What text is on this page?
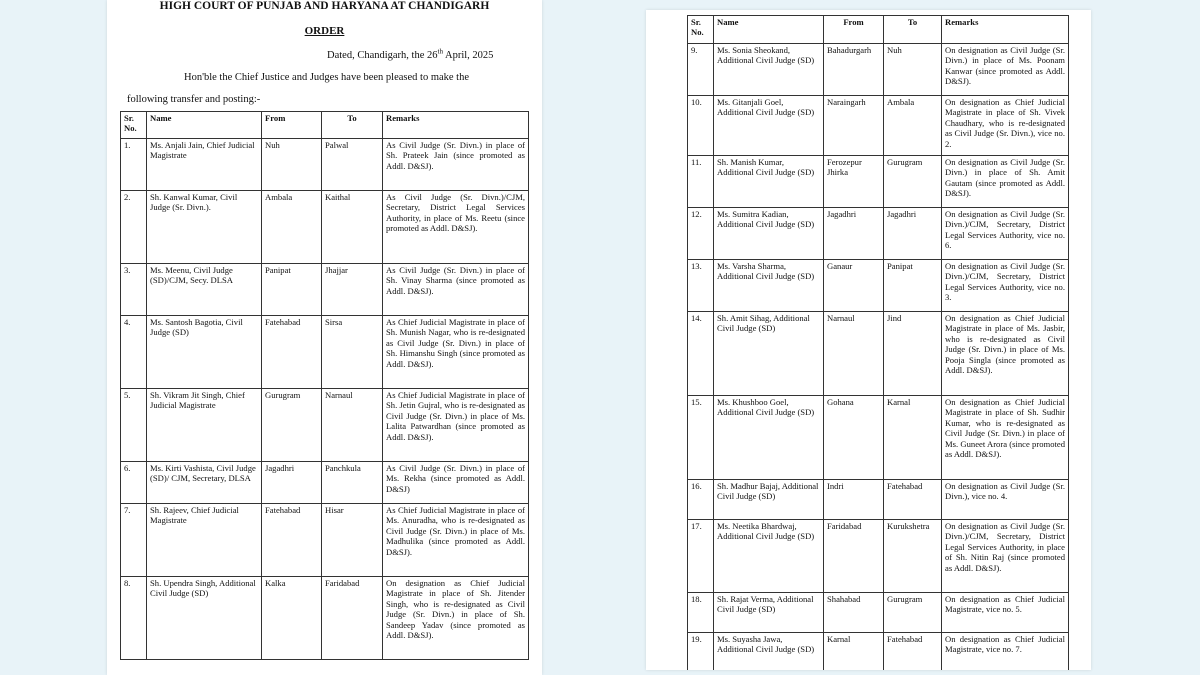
HIGH COURT OF PUNJAB AND HARYANA AT CHANDIGARH
ORDER
Dated, Chandigarh, the 26th April, 2025
Hon'ble the Chief Justice and Judges have been pleased to make the
following transfer and posting:-
Sr.
No.	Name	From	To	Remarks
1.	Ms. Anjali Jain, Chief Judicial Magistrate	Nuh	Palwal	As Civil Judge (Sr. Divn.) in place of Sh. Prateek Jain (since promoted as Addl. D&SJ).
2.	Sh. Kanwal Kumar, Civil Judge (Sr. Divn.).	Ambala	Kaithal	As Civil Judge (Sr. Divn.)/CJM, Secretary, District Legal Services Authority, in place of Ms. Reetu (since promoted as Addl. D&SJ).
3.	Ms. Meenu, Civil Judge (SD)/CJM, Secy. DLSA	Panipat	Jhajjar	As Civil Judge (Sr. Divn.) in place of Sh. Vinay Sharma (since promoted as Addl. D&SJ).
4.	Ms. Santosh Bagotia, Civil Judge (SD)	Fatehabad	Sirsa	As Chief Judicial Magistrate in place of Sh. Munish Nagar, who is re-designated as Civil Judge (Sr. Divn.) in place of Sh. Himanshu Singh (since promoted as Addl. D&SJ).
5.	Sh. Vikram Jit Singh, Chief Judicial Magistrate	Gurugram	Narnaul	As Chief Judicial Magistrate in place of Sh. Jetin Gujral, who is re-designated as Civil Judge (Sr. Divn.) in place of Ms. Lalita Patwardhan (since promoted as Addl. D&SJ).
6.	Ms. Kirti Vashista, Civil Judge (SD)/ CJM, Secretary, DLSA	Jagadhri	Panchkula	As Civil Judge (Sr. Divn.) in place of Ms. Rekha (since promoted as Addl. D&SJ)
7.	Sh. Rajeev, Chief Judicial Magistrate	Fatehabad	Hisar	As Chief Judicial Magistrate in place of Ms. Anuradha, who is re-designated as Civil Judge (Sr. Divn.) in place of Ms. Madhulika (since promoted as Addl. D&SJ).
8.	Sh. Upendra Singh, Additional Civil Judge (SD)	Kalka	Faridabad	On designation as Chief Judicial Magistrate in place of Sh. Jitender Singh, who is re-designated as Civil Judge (Sr. Divn.) in place of Sh. Sandeep Yadav (since promoted as Addl. D&SJ).
Sr.
No.	Name	From	To	Remarks
9.	Ms. Sonia Sheokand, Additional Civil Judge (SD)	Bahadurgarh	Nuh	On designation as Civil Judge (Sr. Divn.) in place of Ms. Poonam Kanwar (since promoted as Addl. D&SJ).
10.	Ms. Gitanjali Goel, Additional Civil Judge (SD)	Naraingarh	Ambala	On designation as Chief Judicial Magistrate in place of Sh. Vivek Chaudhary, who is re-designated as Civil Judge (Sr. Divn.), vice no. 2.
11.	Sh. Manish Kumar, Additional Civil Judge (SD)	Ferozepur Jhirka	Gurugram	On designation as Civil Judge (Sr. Divn.) in place of Sh. Amit Gautam (since promoted as Addl. D&SJ).
12.	Ms. Sumitra Kadian, Additional Civil Judge (SD)	Jagadhri	Jagadhri	On designation as Civil Judge (Sr. Divn.)/CJM, Secretary, District Legal Services Authority, vice no. 6.
13.	Ms. Varsha Sharma, Additional Civil Judge (SD)	Ganaur	Panipat	On designation as Civil Judge (Sr. Divn.)/CJM, Secretary, District Legal Services Authority, vice no. 3.
14.	Sh. Amit Sihag, Additional Civil Judge (SD)	Narnaul	Jind	On designation as Chief Judicial Magistrate in place of Ms. Jasbir, who is re-designated as Civil Judge (Sr. Divn.) in place of Ms. Pooja Singla (since promoted as Addl. D&SJ).
15.	Ms. Khushboo Goel, Additional Civil Judge (SD)	Gohana	Karnal	On designation as Chief Judicial Magistrate in place of Sh. Sudhir Kumar, who is re-designated as Civil Judge (Sr. Divn.) in place of Ms. Guneet Arora (since promoted as Addl. D&SJ).
16.	Sh. Madhur Bajaj, Additional Civil Judge (SD)	Indri	Fatehabad	On designation as Civil Judge (Sr. Divn.), vice no. 4.
17.	Ms. Neetika Bhardwaj, Additional Civil Judge (SD)	Faridabad	Kurukshetra	On designation as Civil Judge (Sr. Divn.)/CJM, Secretary, District Legal Services Authority, in place of Sh. Nitin Raj (since promoted as Addl. D&SJ).
18.	Sh. Rajat Verma, Additional Civil Judge (SD)	Shahabad	Gurugram	On designation as Chief Judicial Magistrate, vice no. 5.
19.	Ms. Suyasha Jawa, Additional Civil Judge (SD)	Karnal	Fatehabad	On designation as Chief Judicial Magistrate, vice no. 7.
